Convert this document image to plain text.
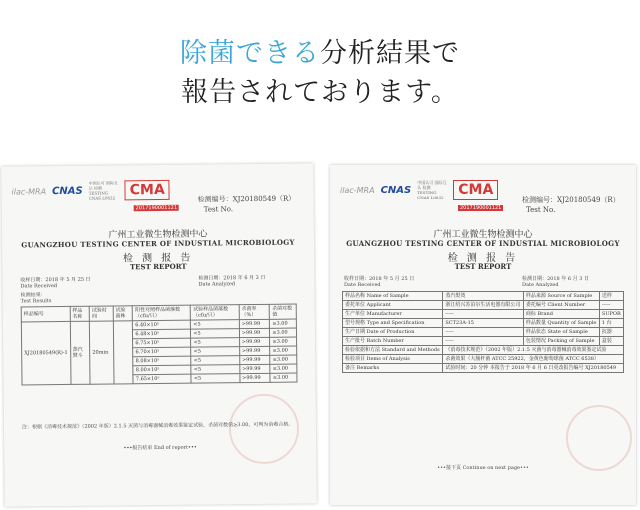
除菌できる分析結果で
報告されております。
ilac-MRA CNAS
中国认可 国际互认 检测 TESTING CNAS L0632	CMA
2017190001121
检测编号：XJ20180549（R）
Test No.
广州工业微生物检测中心
GUANGZHOU TESTING CENTER OF INDUSTIAL MICROBIOLOGY
检 测 报 告
TEST REPORT
收样日期：2018 年 5 月 25 日
Date Received
检测日期：2018 年 6 月 3 日
Date Analyzed
检测结果：
Test Results
样品编号	样品名称	试验时间	试验菌株	阳性对照样品菌落数（cfu/只）	试验样品菌落数（cfu/只）	杀菌率（%）	杀菌对数值
XJ20180549(R)-1	蒸汽熨斗	20min		6.40×10⁵	<5	>99.99	≥3.00
				6.48×10⁵	<5	>99.99	≥3.00
				6.75×10⁵	<5	>99.99	≥3.00
				6.70×10⁵	<5	>99.99	≥3.00
				8.08×10⁵	<5	>99.99	≥3.00
				8.00×10⁵	<5	>99.99	≥3.00
				7.65×10⁵	<5	>99.99	≥3.00
注：根据《消毒技术规范》（2002 年版）2.1.5 灭菌与消毒器械消毒效果鉴定试验，杀菌对数值≥3.00，可判为消毒合格。
•••报告结束 End of report•••
ilac-MRA CNAS
中国认可 国际互认 检测 TESTING CNAS L0632	CMA
2017190001121
检测编号：XJ20180549（R）
Test No.
广州工业微生物检测中心
GUANGZHOU TESTING CENTER OF INDUSTIAL MICROBIOLOGY
检 测 报 告
TEST REPORT
收样日期：2018 年 5 月 25 日
Date Received
检测日期：2018 年 6 月 3 日
Date Analyzed
样品名称 Name of Sample	蒸汽熨烫	样品来源 Source of Sample	送样
委托单位 Applicant	浙江绍兴苏泊尔生活电器有限公司	委托编号 Client Number	-----
生产单位 Manufacturer	-----	商标 Brand	SUPOR
型号规格 Type and Specification	SCT23A-15	样品数量 Quantity of Sample	1 台
生产日期 Date of Production	-----	样品状态 State of Sample	抗器
生产批号 Batch Number	-----	包装情况 Packing of Sample	盒装
检验依据和方法 Standard and Methods	《消毒技术规范》（2002 年版）2.1.5 灭菌与消毒器械消毒效果鉴定试验		
检验项目 Items of Analysis	杀菌效果（大肠杆菌 ATCC 25922，金黄色葡萄球菌 ATCC 6538）		
备注 Remarks	试验时间：20 分钟 本报告于 2018 年 6 月 6 日更改报告编号 XJ20180549		
•••接下页 Continue on next page•••
